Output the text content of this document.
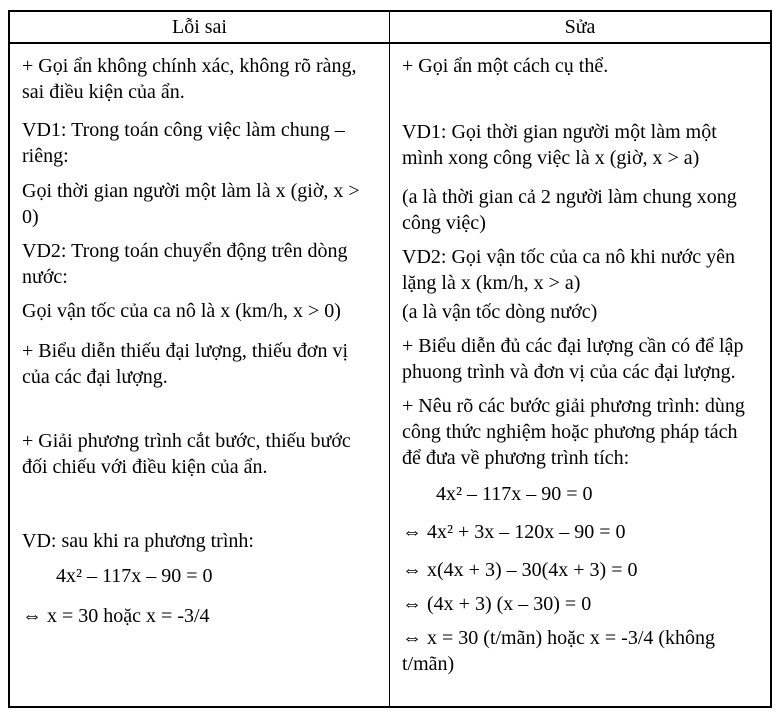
Lỗi sai	Sửa

+ Gọi ẩn không chính xác, không rõ ràng, sai điều kiện của ẩn.

VD1: Trong toán công việc làm chung – riêng:

Gọi thời gian người một làm là x (giờ, x > 0)

VD2: Trong toán chuyển động trên dòng nước:

Gọi vận tốc của ca nô là x (km/h, x > 0)

+ Biểu diễn thiếu đại lượng, thiếu đơn vị của các đại lượng.

+ Giải phương trình cắt bước, thiếu bước đối chiếu với điều kiện của ẩn.

VD: sau khi ra phương trình:

4x² – 117x – 90 = 0

⇔ x = 30 hoặc x = -3/4

+ Gọi ẩn một cách cụ thể.

VD1: Gọi thời gian người một làm một mình xong công việc là x (giờ, x > a)

(a là thời gian cả 2 người làm chung xong công việc)

VD2: Gọi vận tốc của ca nô khi nước yên lặng là x (km/h, x > a)

(a là vận tốc dòng nước)

+ Biểu diễn đủ các đại lượng cần có để lập phuong trình và đơn vị của các đại lượng.

+ Nêu rõ các bước giải phương trình: dùng công thức nghiệm hoặc phương pháp tách để đưa về phương trình tích:

4x² – 117x – 90 = 0

⇔ 4x² + 3x – 120x – 90 = 0

⇔ x(4x + 3) – 30(4x + 3) = 0

⇔ (4x + 3) (x – 30) = 0

⇔ x = 30 (t/mãn) hoặc x = -3/4 (không t/mãn)
